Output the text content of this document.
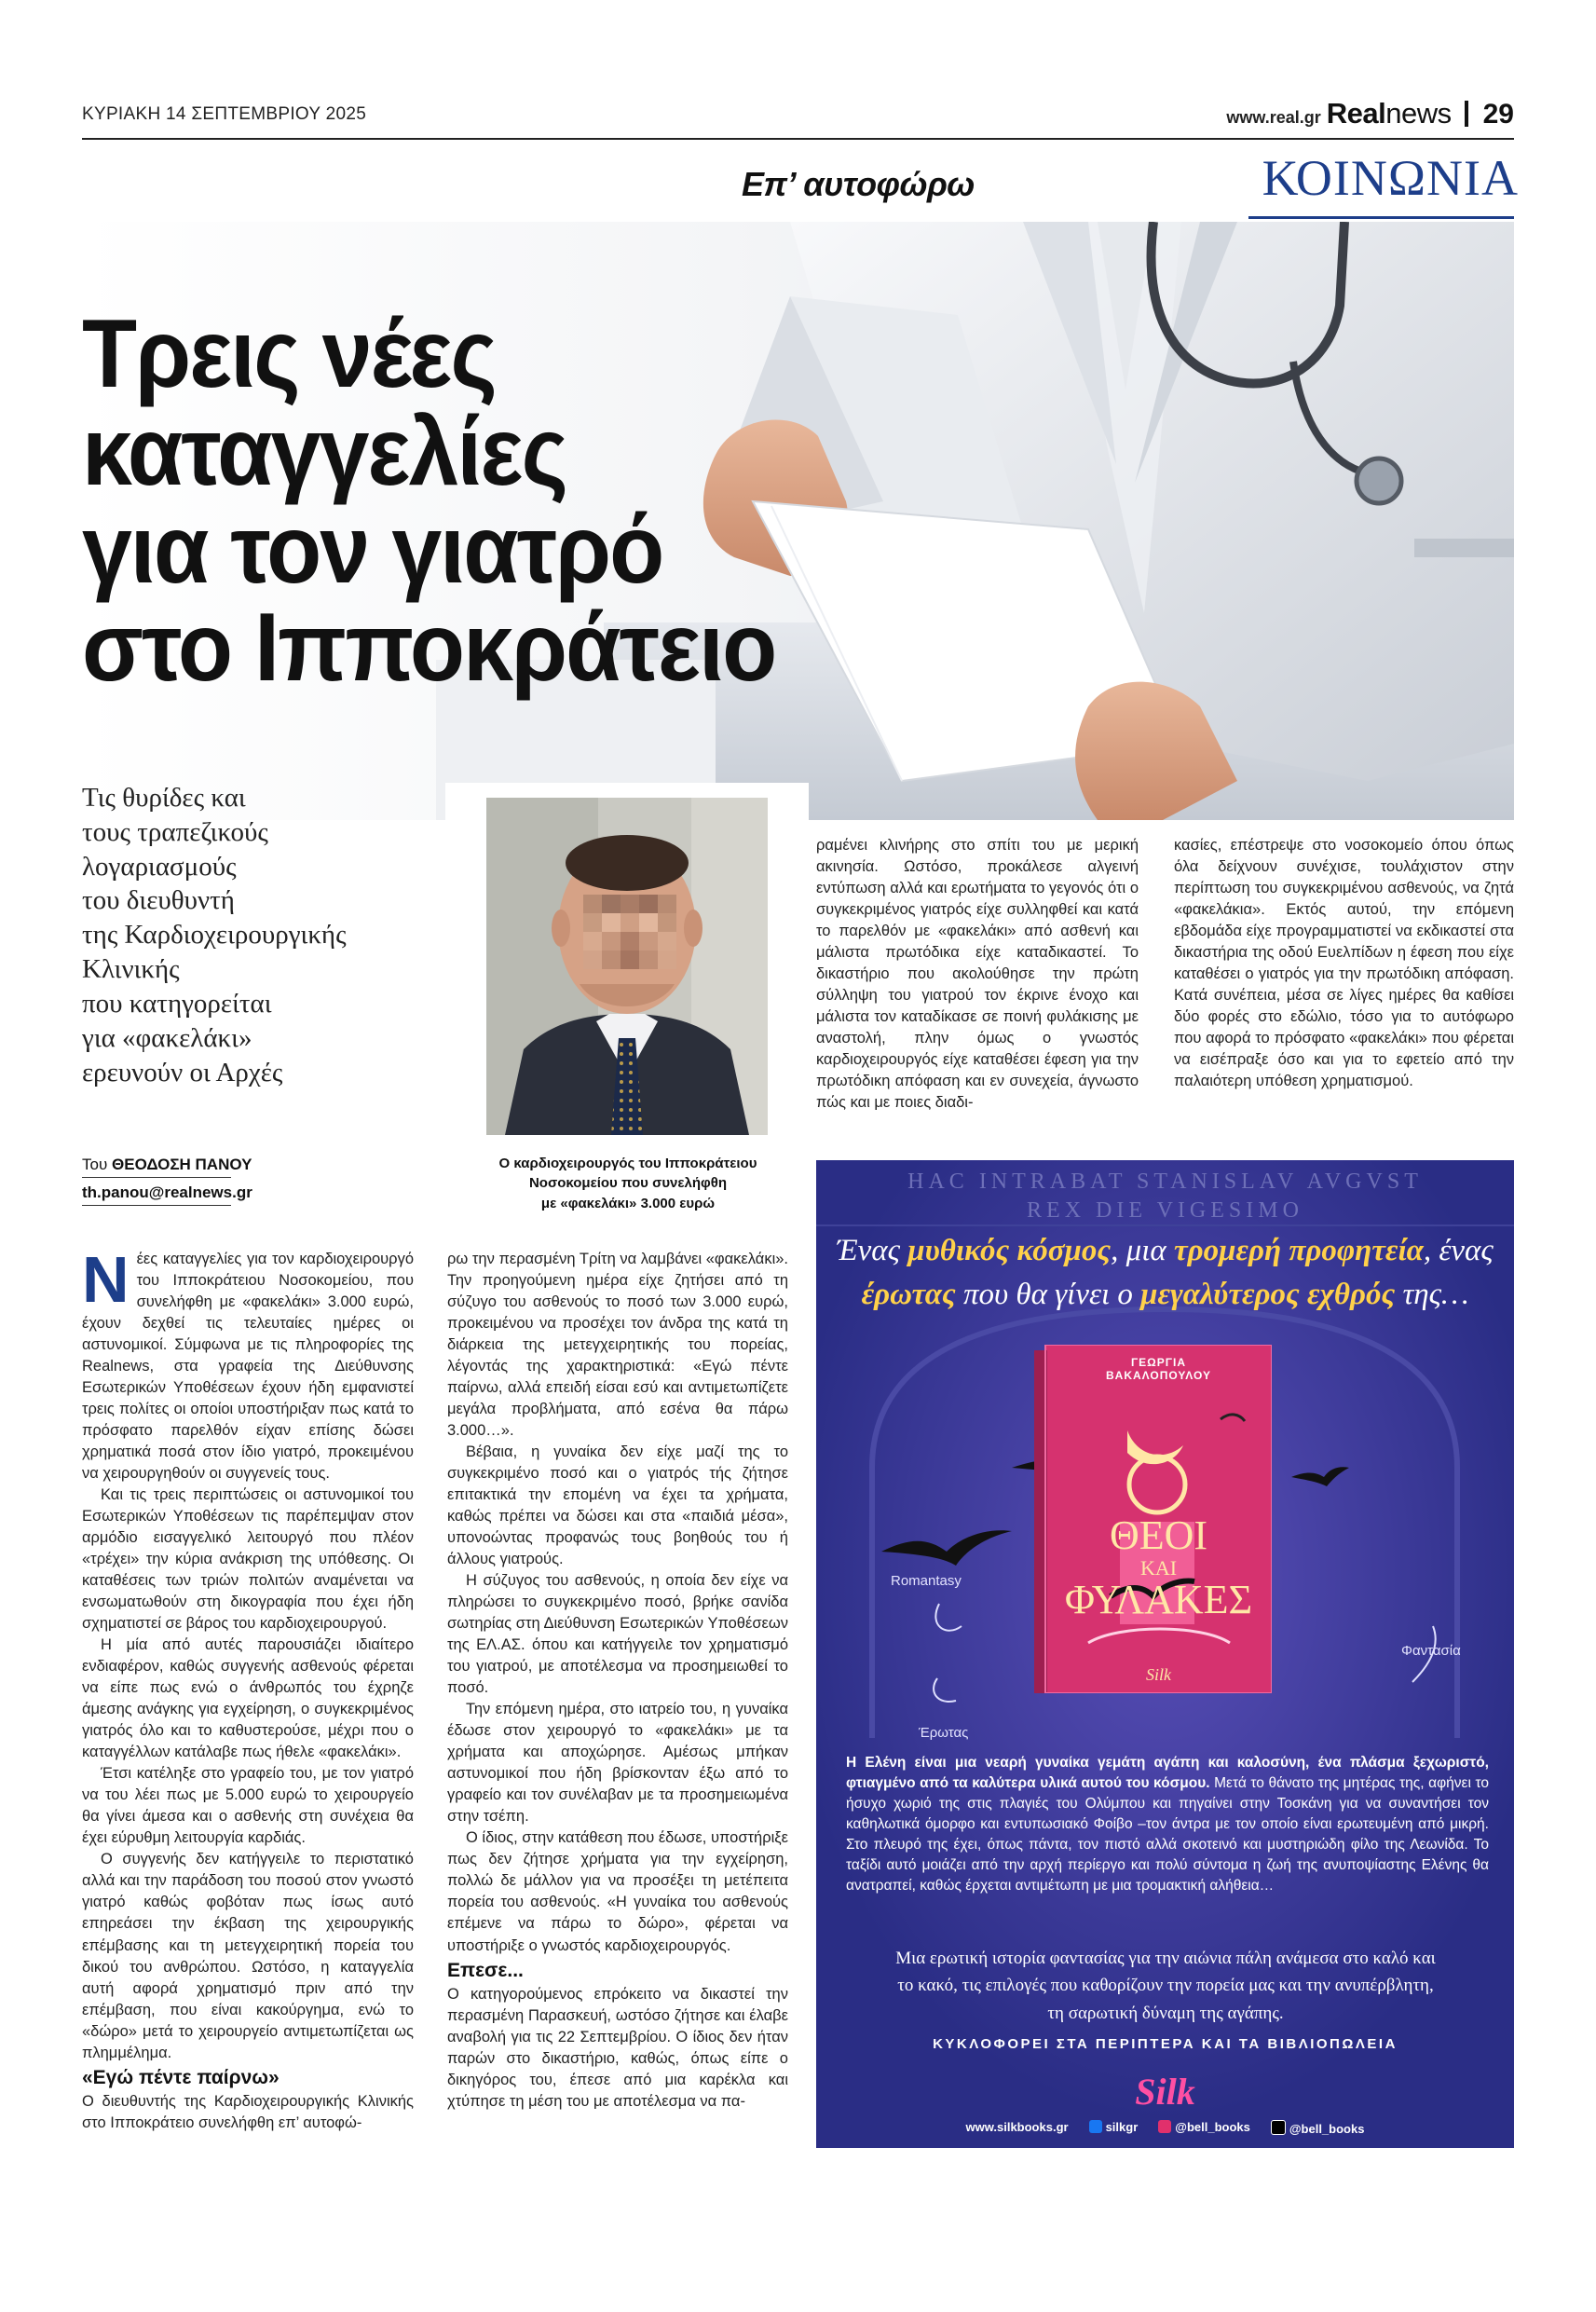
ΚΥΡΙΑΚΗ 14 ΣΕΠΤΕΜΒΡΙΟΥ 2025	www.real.gr Real news 29
Επ’ αυτοφώρω	ΚΟΙΝΩΝΙΑ
Τρεις νέες
καταγγελίες
για τον γιατρό
στο Ιπποκράτειο
Τις θυρίδες και
τους τραπεζικούς
λογαριασμούς
του διευθυντή
της Καρδιοχειρουργικής
Κλινικής
που κατηγορείται
για «φακελάκι»
ερευνούν οι Αρχές
Ο καρδιοχειρουργός του Ιπποκράτειου
Νοσοκομείου που συνελήφθη
με «φακελάκι» 3.000 ευρώ
Του ΘΕΟΔΟΣΗ ΠΑΝΟΥ
th.panou@realnews.gr

Νέες καταγγελίες για τον καρδιοχειρουργό του Ιπποκράτειου Νοσοκομείου, που συνελήφθη με «φακελάκι» 3.000 ευρώ, έχουν δεχθεί τις τελευταίες ημέρες οι αστυνομικοί. Σύμφωνα με τις πληροφορίες της Realnews, στα γραφεία της Διεύθυνσης Εσωτερικών Υποθέσεων έχουν ήδη εμφανιστεί τρεις πολίτες οι οποίοι υποστήριξαν πως κατά το πρόσφατο παρελθόν είχαν επίσης δώσει χρηματικά ποσά στον ίδιο γιατρό, προκειμένου να χειρουργηθούν οι συγγενείς τους.

Και τις τρεις περιπτώσεις οι αστυνομικοί του Εσωτερικών Υποθέσεων τις παρέπεμψαν στον αρμόδιο εισαγγελικό λειτουργό που πλέον «τρέχει» την κύρια ανάκριση της υπόθεσης. Οι καταθέσεις των τριών πολιτών αναμένεται να ενσωματωθούν στη δικογραφία που έχει ήδη σχηματιστεί σε βάρος του καρδιοχειρουργού.

Η μία από αυτές παρουσιάζει ιδιαίτερο ενδιαφέρον, καθώς συγγενής ασθενούς φέρεται να είπε πως ενώ ο άνθρωπός του έχρηζε άμεσης ανάγκης για εγχείρηση, ο συγκεκριμένος γιατρός όλο και το καθυστερούσε, μέχρι που ο καταγγέλλων κατάλαβε πως ήθελε «φακελάκι».

Έτσι κατέληξε στο γραφείο του, με τον γιατρό να του λέει πως με 5.000 ευρώ το χειρουργείο θα γίνει άμεσα και ο ασθενής στη συνέχεια θα έχει εύρυθμη λειτουργία καρδιάς.

Ο συγγενής δεν κατήγγειλε το περιστατικό αλλά και την παράδοση του ποσού στον γνωστό γιατρό καθώς φοβόταν πως ίσως αυτό επηρεάσει την έκβαση της χειρουργικής επέμβασης και τη μετεγχειρητική πορεία του δικού του ανθρώπου. Ωστόσο, η καταγγελία αυτή αφορά χρηματισμό πριν από την επέμβαση, που είναι κακούργημα, ενώ το «δώρο» μετά το χειρουργείο αντιμετωπίζεται ως πλημμέλημα.

«Εγώ πέντε παίρνω»

Ο διευθυντής της Καρδιοχειρουργικής Κλινικής στο Ιπποκράτειο συνελήφθη επ’ αυτοφώ-

ρω την περασμένη Τρίτη να λαμβάνει «φακελάκι». Την προηγούμενη ημέρα είχε ζητήσει από τη σύζυγο του ασθενούς το ποσό των 3.000 ευρώ, προκειμένου να προσέχει τον άνδρα της κατά τη διάρκεια της μετεγχειρητικής του πορείας, λέγοντάς της χαρακτηριστικά: «Εγώ πέντε παίρνω, αλλά επειδή είσαι εσύ και αντιμετωπίζετε μεγάλα προβλήματα, από εσένα θα πάρω 3.000…».

Βέβαια, η γυναίκα δεν είχε μαζί της το συγκεκριμένο ποσό και ο γιατρός τής ζήτησε επιτακτικά την επομένη να έχει τα χρήματα, καθώς πρέπει να δώσει και στα «παιδιά μέσα», υπονοώντας προφανώς τους βοηθούς του ή άλλους γιατρούς.

Η σύζυγος του ασθενούς, η οποία δεν είχε να πληρώσει το συγκεκριμένο ποσό, βρήκε σανίδα σωτηρίας στη Διεύθυνση Εσωτερικών Υποθέσεων της ΕΛ.ΑΣ. όπου και κατήγγειλε τον χρηματισμό του γιατρού, με αποτέλεσμα να προσημειωθεί το ποσό.

Την επόμενη ημέρα, στο ιατρείο του, η γυναίκα έδωσε στον χειρουργό το «φακελάκι» με τα χρήματα και αποχώρησε. Αμέσως μπήκαν αστυνομικοί που ήδη βρίσκονταν έξω από το γραφείο και τον συνέλαβαν με τα προσημειωμένα στην τσέπη.

Ο ίδιος, στην κατάθεση που έδωσε, υποστήριξε πως δεν ζήτησε χρήματα για την εγχείρηση, πολλώ δε μάλλον για να προσέξει τη μετέπειτα πορεία του ασθενούς. «Η γυναίκα του ασθενούς επέμενε να πάρω το δώρο», φέρεται να υποστήριξε ο γνωστός καρδιοχειρουργός.

Επεσε...

Ο κατηγορούμενος επρόκειτο να δικαστεί την περασμένη Παρασκευή, ωστόσο ζήτησε και έλαβε αναβολή για τις 22 Σεπτεμβρίου. Ο ίδιος δεν ήταν παρών στο δικαστήριο, καθώς, όπως είπε ο δικηγόρος του, έπεσε από μια καρέκλα και χτύπησε τη μέση του με αποτέλεσμα να πα-

ραμένει κλινήρης στο σπίτι του με μερική ακινησία. Ωστόσο, προκάλεσε αλγεινή εντύπωση αλλά και ερωτήματα το γεγονός ότι ο συγκεκριμένος γιατρός είχε συλληφθεί και κατά το παρελθόν με «φακελάκι» από ασθενή και μάλιστα πρωτόδικα είχε καταδικαστεί. Το δικαστήριο που ακολούθησε την πρώτη σύλληψη του γιατρού τον έκρινε ένοχο και μάλιστα τον καταδίκασε σε ποινή φυλάκισης με αναστολή, πλην όμως ο γνωστός καρδιοχειρουργός είχε καταθέσει έφεση για την πρωτόδικη απόφαση και εν συνεχεία, άγνωστο πώς και με ποιες διαδι-

κασίες, επέστρεψε στο νοσοκομείο όπου όπως όλα δείχνουν συνέχισε, τουλάχιστον στην περίπτωση του συγκεκριμένου ασθενούς, να ζητά «φακελάκια». Εκτός αυτού, την επόμενη εβδομάδα είχε προγραμματιστεί να εκδικαστεί στα δικαστήρια της οδού Ευελπίδων η έφεση που είχε καταθέσει ο γιατρός για την πρωτόδικη απόφαση. Κατά συνέπεια, μέσα σε λίγες ημέρες θα καθίσει δύο φορές στο εδώλιο, τόσο για το αυτόφωρο που αφορά το πρόσφατο «φακελάκι» που φέρεται να εισέπραξε όσο και για το εφετείο από την παλαιότερη υπόθεση χρηματισμού.

HAC INTRABAT STANISLAV AVGVST
REX DIE VIGESIMO
Ένας μυθικός κόσμος, μια τρομερή προφητεία, ένας έρωτας που θα γίνει ο μεγαλύτερος εχθρός της…
ΓΕΩΡΓΙΑ
ΒΑΚΑΛΟΠΟΥΛΟΥ
ΘΕΟΙ
ΚΑΙ
ΦΥΛΑΚΕΣ
Silk
Romantasy
Φαντασία
Έρωτας
Η Ελένη είναι μια νεαρή γυναίκα γεμάτη αγάπη και καλοσύνη, ένα πλάσμα ξεχωριστό, φτιαγμένο από τα καλύτερα υλικά αυτού του κόσμου. Μετά το θάνατο της μητέρας της, αφήνει το ήσυχο χωριό της στις πλαγιές του Ολύμπου και πηγαίνει στην Τοσκάνη για να συναντήσει τον καθηλωτικά όμορφο και εντυπωσιακό Φοίβο –τον άντρα με τον οποίο είναι ερωτευμένη από μικρή. Στο πλευρό της έχει, όπως πάντα, τον πιστό αλλά σκοτεινό και μυστηριώδη φίλο της Λεωνίδα. Το ταξίδι αυτό μοιάζει από την αρχή περίεργο και πολύ σύντομα η ζωή της ανυποψίαστης Ελένης θα ανατραπεί, καθώς έρχεται αντιμέτωπη με μια τρομακτική αλήθεια…
Μια ερωτική ιστορία φαντασίας για την αιώνια πάλη ανάμεσα στο καλό και
το κακό, τις επιλογές που καθορίζουν την πορεία μας και την ανυπέρβλητη,
τη σαρωτική δύναμη της αγάπης.
ΚΥΚΛΟΦΟΡΕΙ ΣΤΑ ΠΕΡΙΠΤΕΡΑ ΚΑΙ ΤΑ ΒΙΒΛΙΟΠΩΛΕΙΑ
Silk
www.silkbooks.gr	silkgr	@bell_books	@bell_books
